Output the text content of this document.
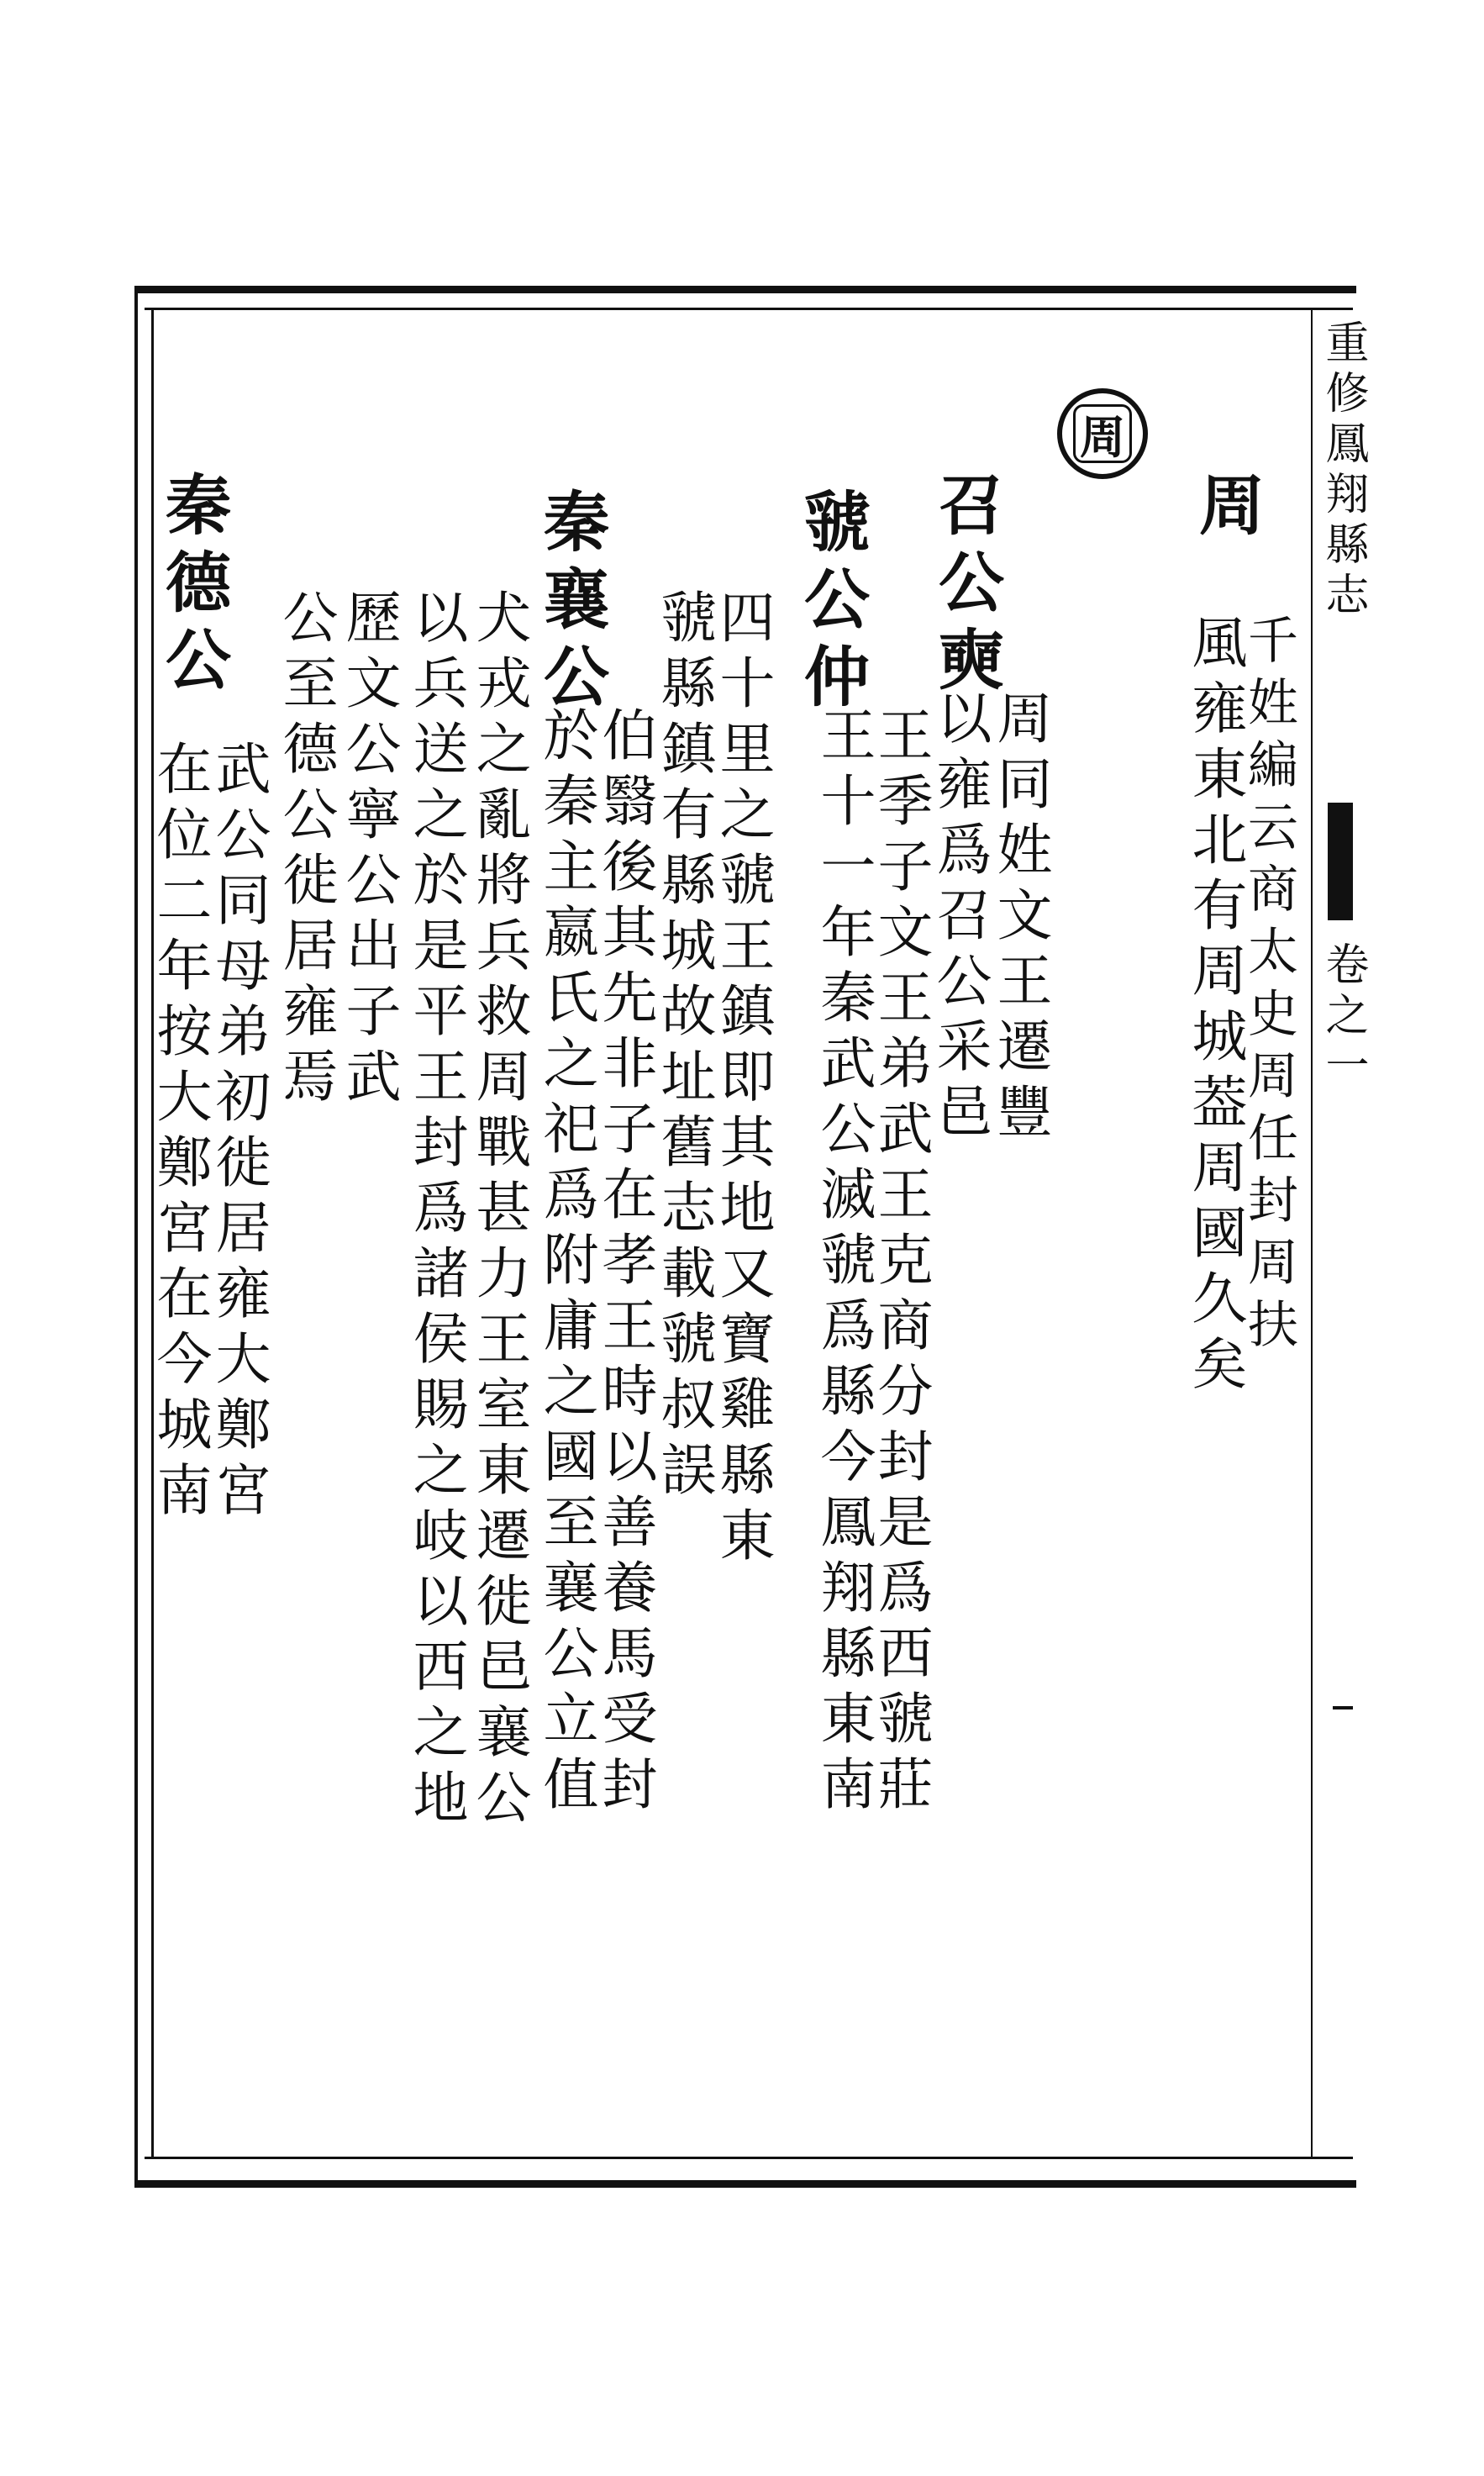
重修鳳翔縣志
卷之一
周
周
千姓編云商太史周任封周扶
風雍東北有周城葢周國久矣
召公奭
周同姓文王遷豐
以雍爲召公采邑
虢公仲
王季子文王弟武王克商分封是爲西虢莊
王十一年秦武公滅虢爲縣今鳳翔縣東南
四十里之虢王鎮即其地又寶雞縣東
虢縣鎮有縣城故址舊志載虢叔誤
秦襄公
伯翳後其先非子在孝王時以善養馬受封
於秦主嬴氏之祀爲附庸之國至襄公立值
犬戎之亂將兵救周戰甚力王室東遷徙邑襄公
以兵送之於是平王封爲諸侯賜之岐以西之地
歷文公寧公出子武
公至德公徙居雍焉
秦德公
武公同母弟初徙居雍大鄭宮
在位二年按大鄭宮在今城南
